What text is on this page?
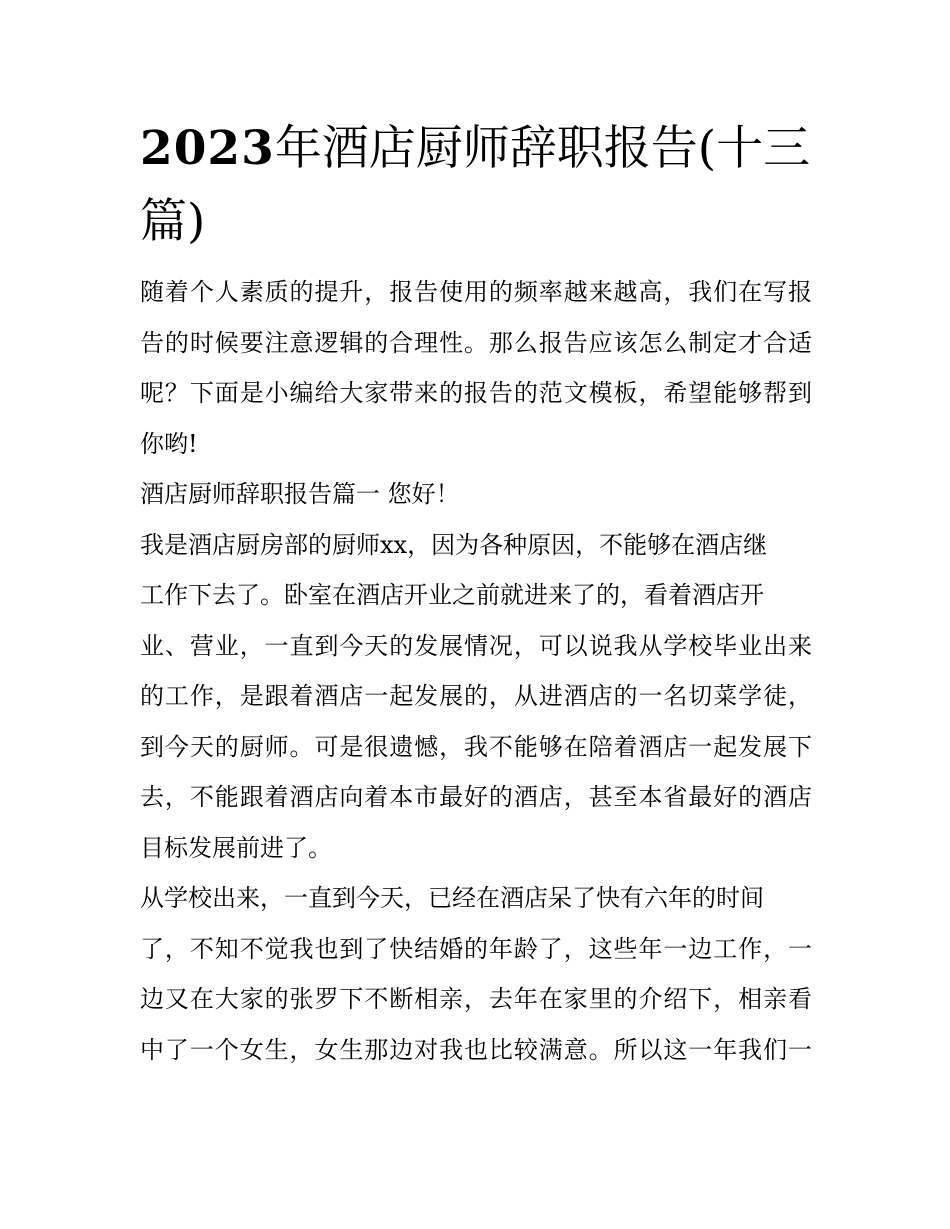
2023年酒店厨师辞职报告(十三篇)
随着个人素质的提升，报告使用的频率越来越高，我们在写报
告的时候要注意逻辑的合理性。那么报告应该怎么制定才合适
呢？下面是小编给大家带来的报告的范文模板，希望能够帮到
你哟!
酒店厨师辞职报告篇一 您好！
我是酒店厨房部的厨师xx，因为各种原因，不能够在酒店继
工作下去了。卧室在酒店开业之前就进来了的，看着酒店开
业、营业，一直到今天的发展情况，可以说我从学校毕业出来
的工作，是跟着酒店一起发展的，从进酒店的一名切菜学徒，
到今天的厨师。可是很遗憾，我不能够在陪着酒店一起发展下
去，不能跟着酒店向着本市最好的酒店，甚至本省最好的酒店
目标发展前进了。
从学校出来，一直到今天，已经在酒店呆了快有六年的时间
了，不知不觉我也到了快结婚的年龄了，这些年一边工作，一
边又在大家的张罗下不断相亲，去年在家里的介绍下，相亲看
中了一个女生，女生那边对我也比较满意。所以这一年我们一
